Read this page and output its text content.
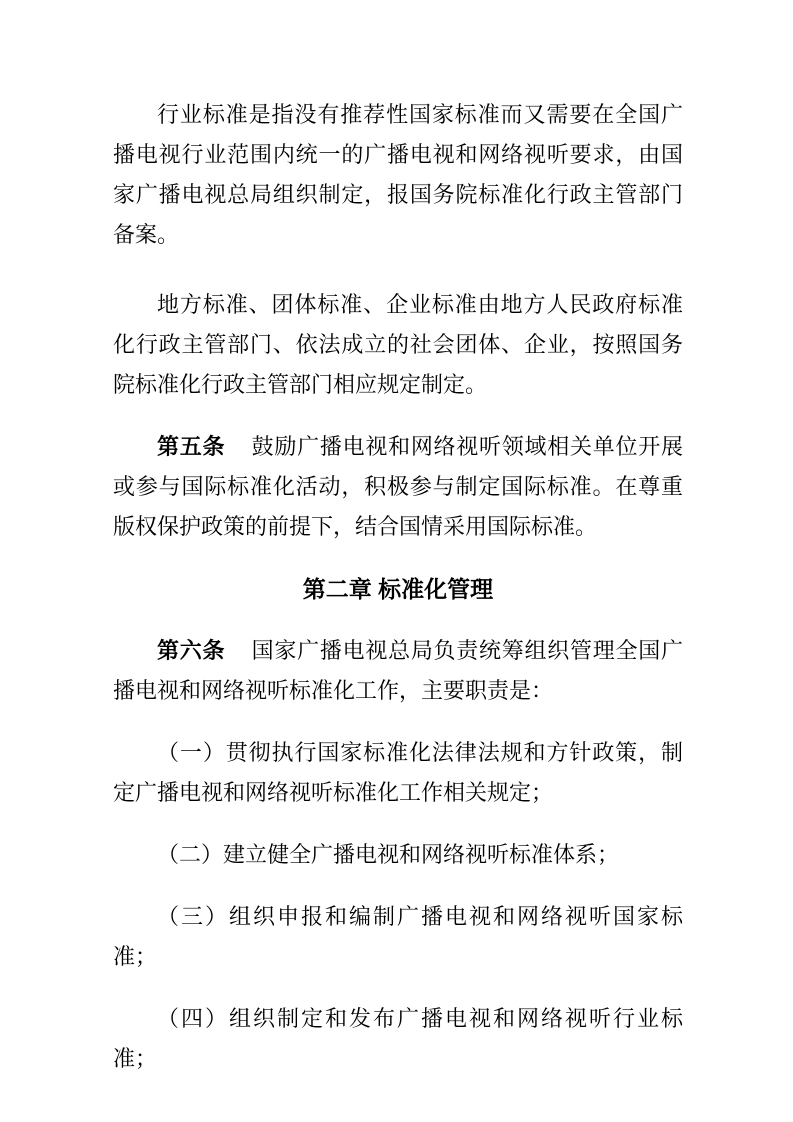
行业标准是指没有推荐性国家标准而又需要在全国广播电视行业范围内统一的广播电视和网络视听要求，由国家广播电视总局组织制定，报国务院标准化行政主管部门备案。

地方标准、团体标准、企业标准由地方人民政府标准化行政主管部门、依法成立的社会团体、企业，按照国务院标准化行政主管部门相应规定制定。

第五条 鼓励广播电视和网络视听领域相关单位开展或参与国际标准化活动，积极参与制定国际标准。在尊重版权保护政策的前提下，结合国情采用国际标准。

第二章 标准化管理

第六条 国家广播电视总局负责统筹组织管理全国广播电视和网络视听标准化工作，主要职责是：

（一）贯彻执行国家标准化法律法规和方针政策，制定广播电视和网络视听标准化工作相关规定；

（二）建立健全广播电视和网络视听标准体系；

（三）组织申报和编制广播电视和网络视听国家标准；

（四）组织制定和发布广播电视和网络视听行业标准；
